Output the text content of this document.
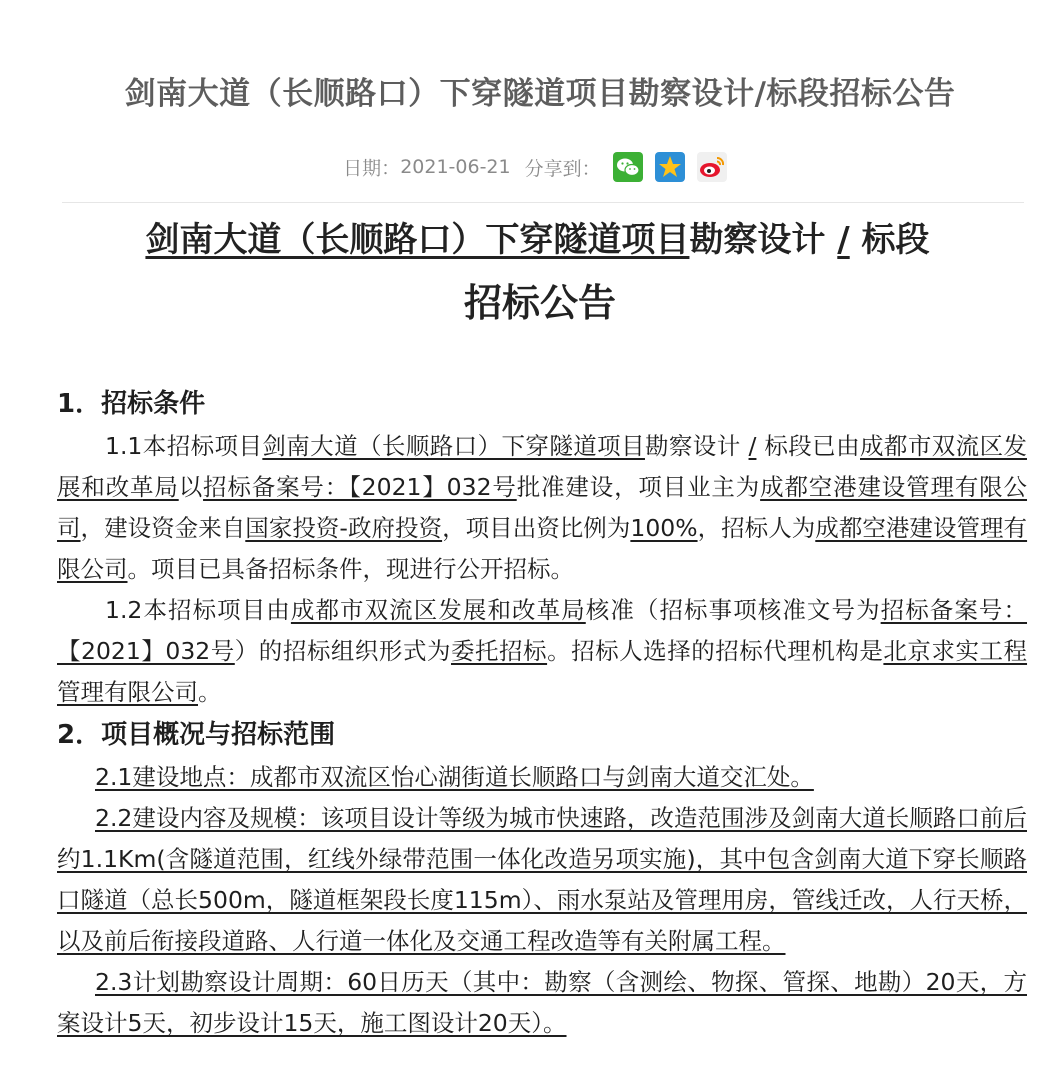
剑南大道（长顺路口）下穿隧道项目勘察设计/标段招标公告
日期：2021-06-21 分享到：

剑南大道（长顺路口）下穿隧道项目勘察设计 / 标段
招标公告
1．招标条件

1.1本招标项目剑南大道（长顺路口）下穿隧道项目勘察设计 / 标段已由成都市双流区发展和改革局以招标备案号：【2021】032号批准建设，项目业主为成都空港建设管理有限公司，建设资金来自国家投资-政府投资，项目出资比例为100%，招标人为成都空港建设管理有限公司。项目已具备招标条件，现进行公开招标。

1.2本招标项目由成都市双流区发展和改革局核准（招标事项核准文号为招标备案号：【2021】032号）的招标组织形式为委托招标。招标人选择的招标代理机构是北京求实工程管理有限公司。

2．项目概况与招标范围

2.1建设地点：成都市双流区怡心湖街道长顺路口与剑南大道交汇处。

2.2建设内容及规模：该项目设计等级为城市快速路，改造范围涉及剑南大道长顺路口前后约1.1Km(含隧道范围，红线外绿带范围一体化改造另项实施)，其中包含剑南大道下穿长顺路口隧道（总长500m，隧道框架段长度115m）、雨水泵站及管理用房，管线迁改，人行天桥，以及前后衔接段道路、人行道一体化及交通工程改造等有关附属工程。

2.3计划勘察设计周期：60日历天（其中：勘察（含测绘、物探、管探、地勘）20天，方案设计5天，初步设计15天，施工图设计20天）。
